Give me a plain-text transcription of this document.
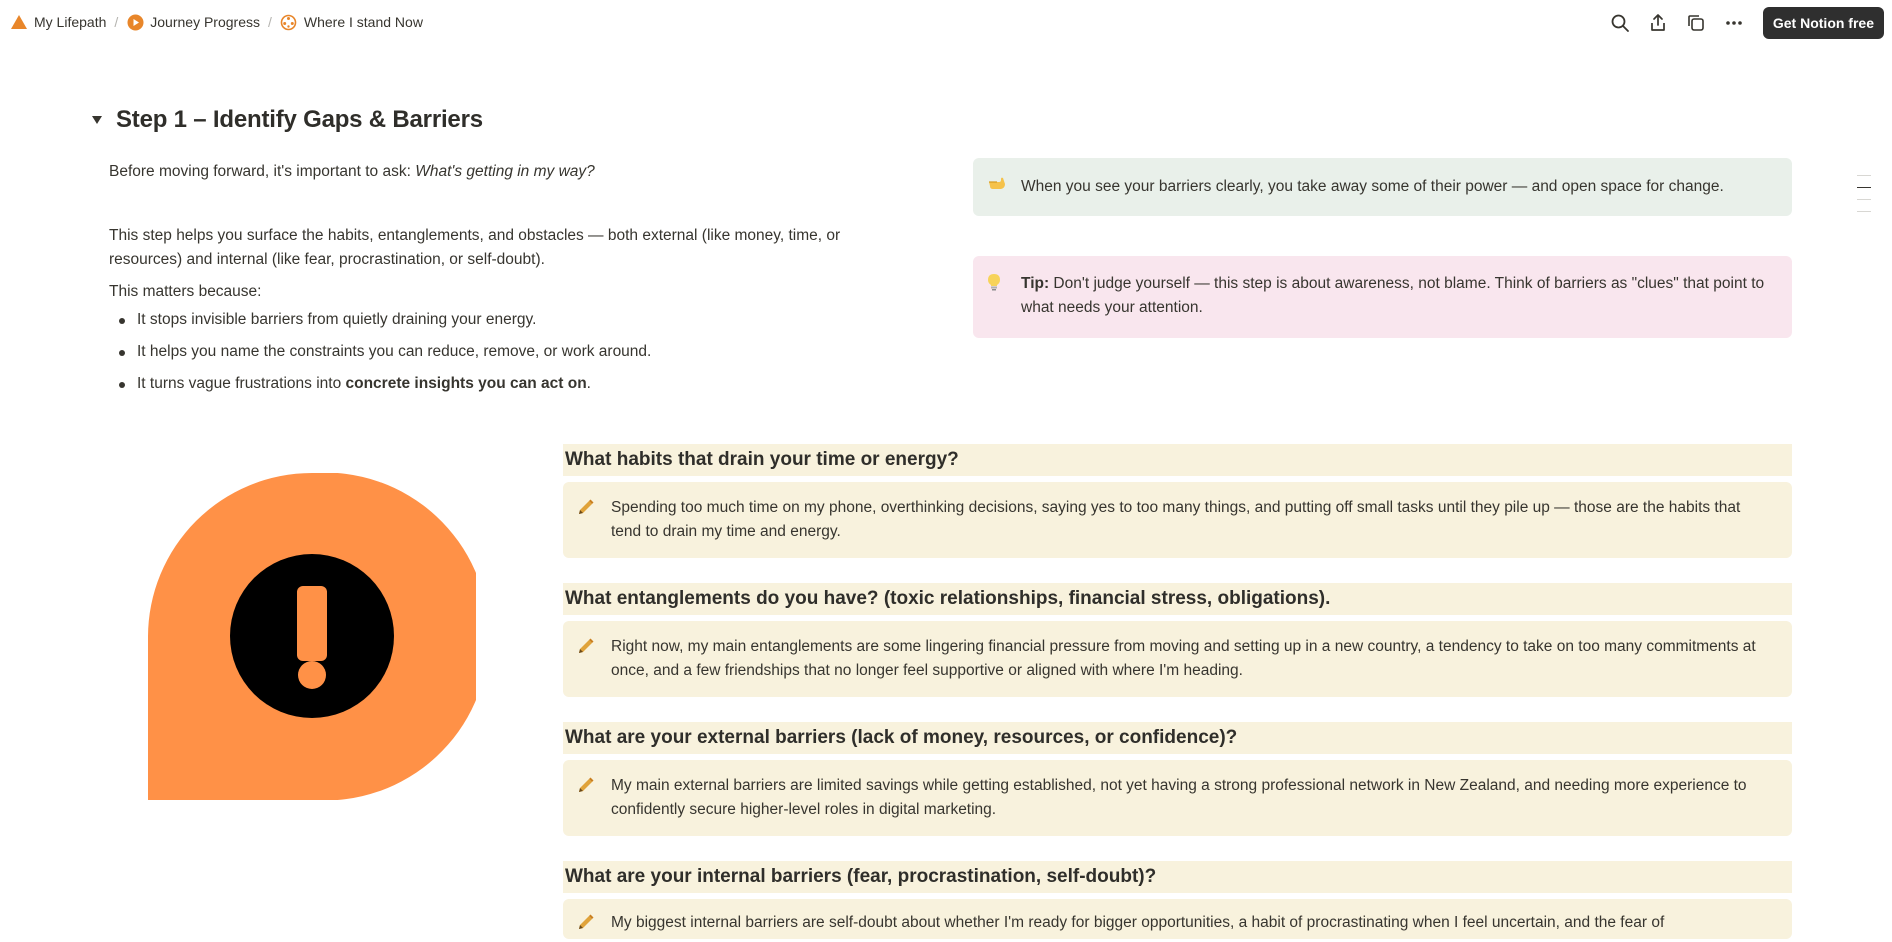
My Lifepath / Journey Progress / Where I stand Now	Get Notion free
Step 1 – Identify Gaps & Barriers

Before moving forward, it's important to ask: What's getting in my way?

This step helps you surface the habits, entanglements, and obstacles — both external (like money, time, or resources) and internal (like fear, procrastination, or self-doubt).

This matters because:

It stops invisible barriers from quietly draining your energy.
It helps you name the constraints you can reduce, remove, or work around.
It turns vague frustrations into concrete insights you can act on.
When you see your barriers clearly, you take away some of their power — and open space for change.
Tip: Don't judge yourself — this step is about awareness, not blame. Think of barriers as "clues" that point to what needs your attention.
What habits that drain your time or energy?
Spending too much time on my phone, overthinking decisions, saying yes to too many things, and putting off small tasks until they pile up — those are the habits that tend to drain my time and energy.
What entanglements do you have? (toxic relationships, financial stress, obligations).
Right now, my main entanglements are some lingering financial pressure from moving and setting up in a new country, a tendency to take on too many commitments at once, and a few friendships that no longer feel supportive or aligned with where I'm heading.
What are your external barriers (lack of money, resources, or confidence)?
My main external barriers are limited savings while getting established, not yet having a strong professional network in New Zealand, and needing more experience to confidently secure higher-level roles in digital marketing.
What are your internal barriers (fear, procrastination, self-doubt)?
My biggest internal barriers are self-doubt about whether I'm ready for bigger opportunities, a habit of procrastinating when I feel uncertain, and the fear of
